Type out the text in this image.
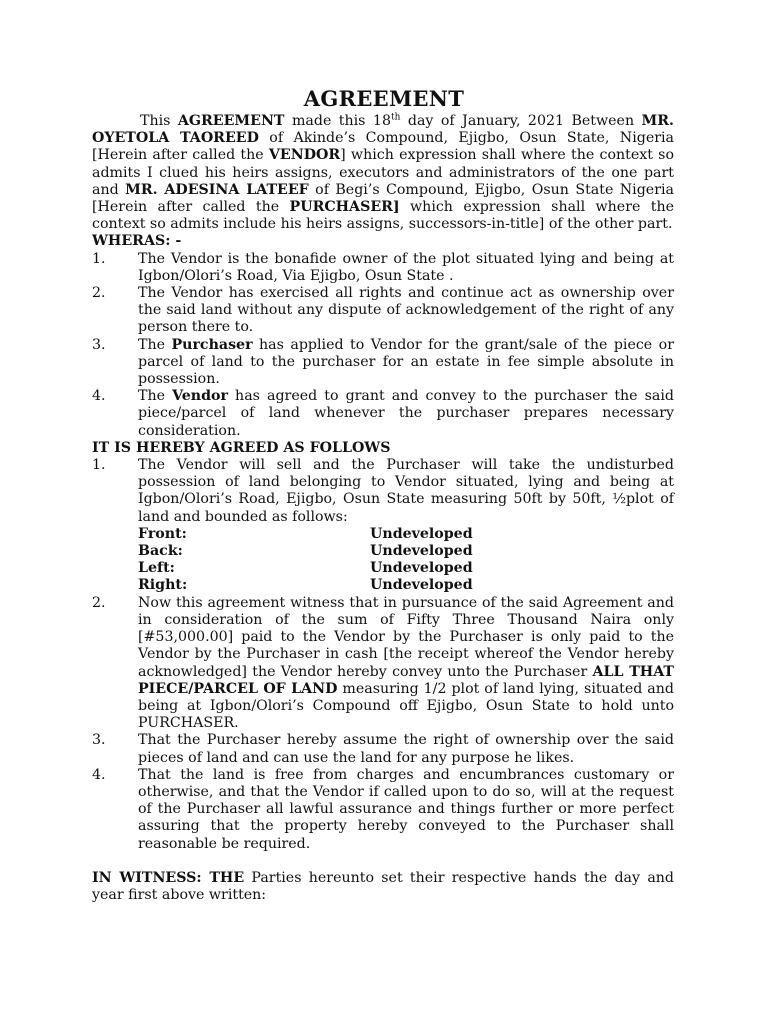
AGREEMENT

This AGREEMENT made this 18th day of January, 2021 Between MR. OYETOLA TAOREED of Akinde’s Compound, Ejigbo, Osun State, Nigeria [Herein after called the VENDOR] which expression shall where the context so admits I clued his heirs assigns, executors and administrators of the one part and MR. ADESINA LATEEF of Begi’s Compound, Ejigbo, Osun State Nigeria [Herein after called the PURCHASER] which expression shall where the context so admits include his heirs assigns, successors-in-title] of the other part.

WHERAS: -

1.	The Vendor is the bonafide owner of the plot situated lying and being at Igbon/Olori’s Road, Via Ejigbo, Osun State .

2.	The Vendor has exercised all rights and continue act as ownership over the said land without any dispute of acknowledgement of the right of any person there to.

3.	The Purchaser has applied to Vendor for the grant/sale of the piece or parcel of land to the purchaser for an estate in fee simple absolute in possession.

4.	The Vendor has agreed to grant and convey to the purchaser the said piece/parcel of land whenever the purchaser prepares necessary consideration.

IT IS HEREBY AGREED AS FOLLOWS

1.	The Vendor will sell and the Purchaser will take the undisturbed possession of land belonging to Vendor situated, lying and being at Igbon/Olori’s Road, Ejigbo, Osun State measuring 50ft by 50ft, ½plot of land and bounded as follows:

Front:	Undeveloped
Back:	Undeveloped
Left:	Undeveloped
Right:	Undeveloped
2.	Now this agreement witness that in pursuance of the said Agreement and in consideration of the sum of Fifty Three Thousand Naira only [#53,000.00] paid to the Vendor by the Purchaser is only paid to the Vendor by the Purchaser in cash [the receipt whereof the Vendor hereby acknowledged] the Vendor hereby convey unto the Purchaser ALL THAT PIECE/PARCEL OF LAND measuring 1/2 plot of land lying, situated and being at Igbon/Olori’s Compound off Ejigbo, Osun State to hold unto PURCHASER.

3.	That the Purchaser hereby assume the right of ownership over the said pieces of land and can use the land for any purpose he likes.

4.	That the land is free from charges and encumbrances customary or otherwise, and that the Vendor if called upon to do so, will at the request of the Purchaser all lawful assurance and things further or more perfect assuring that the property hereby conveyed to the Purchaser shall reasonable be required.

IN WITNESS: THE Parties hereunto set their respective hands the day and year first above written:
